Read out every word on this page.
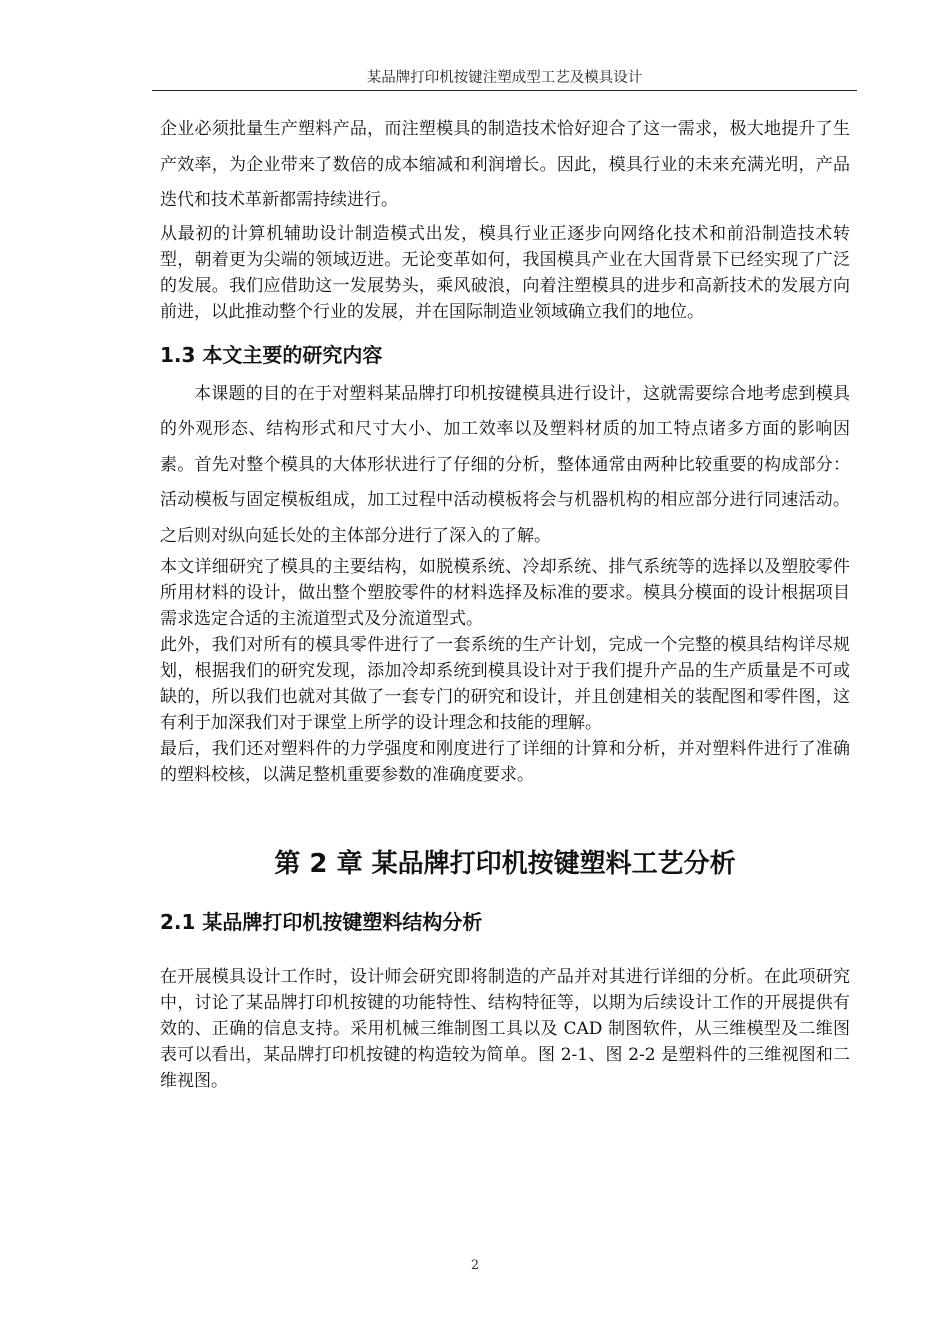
某品牌打印机按键注塑成型工艺及模具设计

企业必须批量生产塑料产品，而注塑模具的制造技术恰好迎合了这一需求，极大地提升了生产效率，为企业带来了数倍的成本缩减和利润增长。因此，模具行业的未来充满光明，产品迭代和技术革新都需持续进行。

从最初的计算机辅助设计制造模式出发，模具行业正逐步向网络化技术和前沿制造技术转型，朝着更为尖端的领域迈进。无论变革如何，我国模具产业在大国背景下已经实现了广泛的发展。我们应借助这一发展势头，乘风破浪，向着注塑模具的进步和高新技术的发展方向前进，以此推动整个行业的发展，并在国际制造业领域确立我们的地位。

1.3 本文主要的研究内容

本课题的目的在于对塑料某品牌打印机按键模具进行设计，这就需要综合地考虑到模具的外观形态、结构形式和尺寸大小、加工效率以及塑料材质的加工特点诸多方面的影响因素。首先对整个模具的大体形状进行了仔细的分析，整体通常由两种比较重要的构成部分：活动模板与固定模板组成，加工过程中活动模板将会与机器机构的相应部分进行同速活动。之后则对纵向延长处的主体部分进行了深入的了解。

本文详细研究了模具的主要结构，如脱模系统、冷却系统、排气系统等的选择以及塑胶零件所用材料的设计，做出整个塑胶零件的材料选择及标准的要求。模具分模面的设计根据项目需求选定合适的主流道型式及分流道型式。

此外，我们对所有的模具零件进行了一套系统的生产计划，完成一个完整的模具结构详尽规划，根据我们的研究发现，添加冷却系统到模具设计对于我们提升产品的生产质量是不可或缺的，所以我们也就对其做了一套专门的研究和设计，并且创建相关的装配图和零件图，这有利于加深我们对于课堂上所学的设计理念和技能的理解。

最后，我们还对塑料件的力学强度和刚度进行了详细的计算和分析，并对塑料件进行了准确的塑料校核，以满足整机重要参数的准确度要求。

第 2 章 某品牌打印机按键塑料工艺分析
2.1 某品牌打印机按键塑料结构分析

在开展模具设计工作时，设计师会研究即将制造的产品并对其进行详细的分析。在此项研究中，讨论了某品牌打印机按键的功能特性、结构特征等，以期为后续设计工作的开展提供有效的、正确的信息支持。采用机械三维制图工具以及 CAD 制图软件，从三维模型及二维图表可以看出，某品牌打印机按键的构造较为简单。图 2-1、图 2-2 是塑料件的三维视图和二维视图。

2
